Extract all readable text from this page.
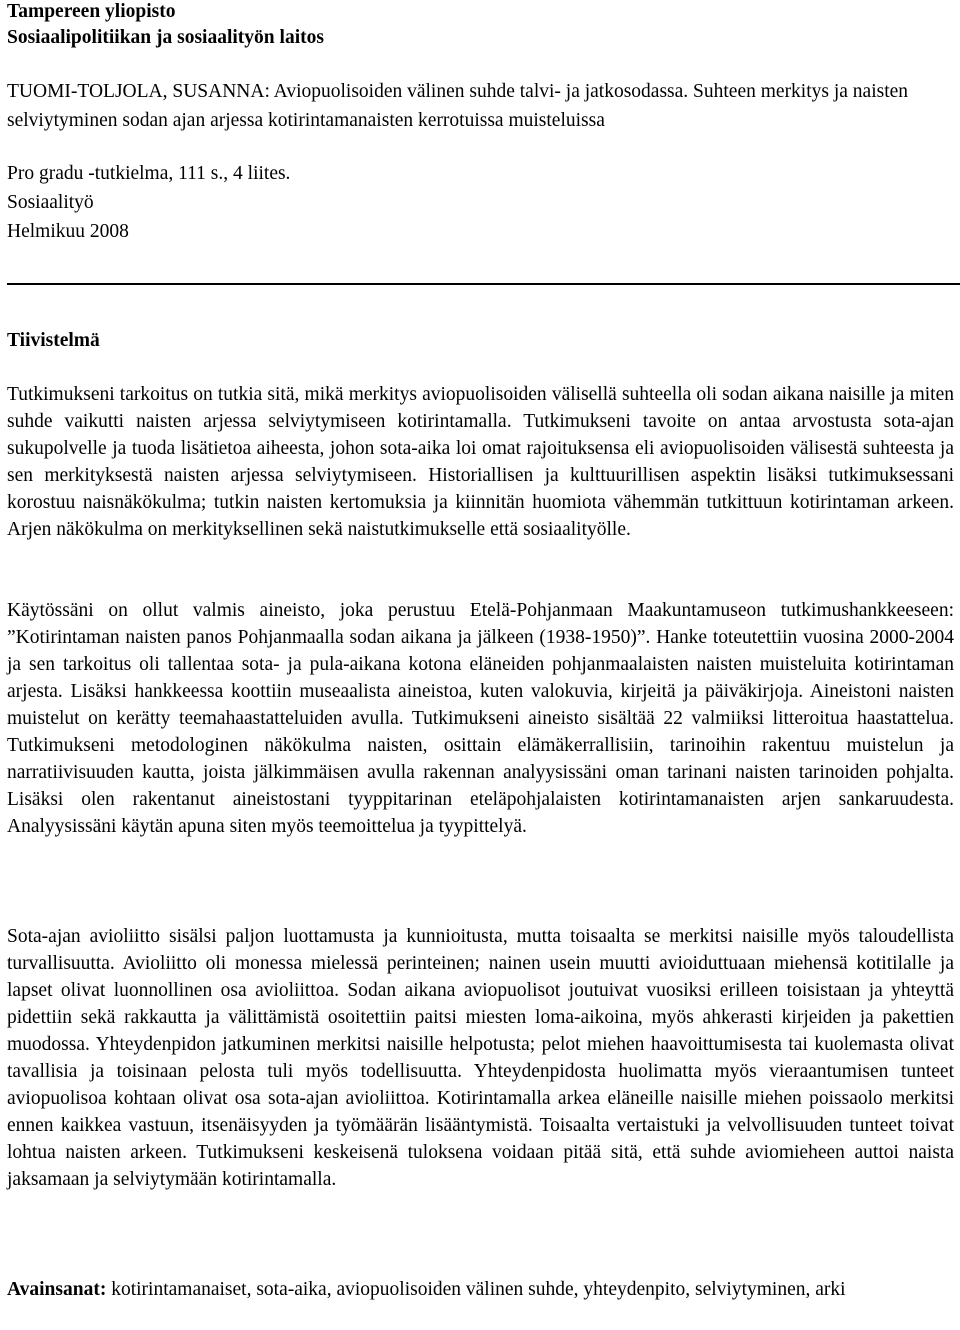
Tampereen yliopisto
Sosiaalipolitiikan ja sosiaalityön laitos
TUOMI-TOLJOLA, SUSANNA: Aviopuolisoiden välinen suhde talvi- ja jatkosodassa. Suhteen merkitys ja naisten selviytyminen sodan ajan arjessa kotirintamanaisten kerrotuissa muisteluissa
Pro gradu -tutkielma, 111 s., 4 liites.
Sosiaalityö
Helmikuu 2008
Tiivistelmä
Tutkimukseni tarkoitus on tutkia sitä, mikä merkitys aviopuolisoiden välisellä suhteella oli sodan aikana naisille ja miten suhde vaikutti naisten arjessa selviytymiseen kotirintamalla. Tutkimukseni tavoite on antaa arvostusta sota-ajan sukupolvelle ja tuoda lisätietoa aiheesta, johon sota-aika loi omat rajoituksensa eli aviopuolisoiden välisestä suhteesta ja sen merkityksestä naisten arjessa selviytymiseen. Historiallisen ja kulttuurillisen aspektin lisäksi tutkimuksessani korostuu naisnäkökulma; tutkin naisten kertomuksia ja kiinnitän huomiota vähemmän tutkittuun kotirintaman arkeen. Arjen näkökulma on merkityksellinen sekä naistutkimukselle että sosiaalityölle.
Käytössäni on ollut valmis aineisto, joka perustuu Etelä-Pohjanmaan Maakuntamuseon tutkimushankkeeseen: ”Kotirintaman naisten panos Pohjanmaalla sodan aikana ja jälkeen (1938-1950)”. Hanke toteutettiin vuosina 2000-2004 ja sen tarkoitus oli tallentaa sota- ja pula-aikana kotona eläneiden pohjanmaalaisten naisten muisteluita kotirintaman arjesta. Lisäksi hankkeessa koottiin museaalista aineistoa, kuten valokuvia, kirjeitä ja päiväkirjoja. Aineistoni naisten muistelut on kerätty teemahaastatteluiden avulla. Tutkimukseni aineisto sisältää 22 valmiiksi litteroitua haastattelua. Tutkimukseni metodologinen näkökulma naisten, osittain elämäkerrallisiin, tarinoihin rakentuu muistelun ja narratiivisuuden kautta, joista jälkimmäisen avulla rakennan analyysissäni oman tarinani naisten tarinoiden pohjalta. Lisäksi olen rakentanut aineistostani tyyppitarinan eteläpohjalaisten kotirintamanaisten arjen sankaruudesta. Analyysissäni käytän apuna siten myös teemoittelua ja tyypittelyä.
Sota-ajan avioliitto sisälsi paljon luottamusta ja kunnioitusta, mutta toisaalta se merkitsi naisille myös taloudellista turvallisuutta. Avioliitto oli monessa mielessä perinteinen; nainen usein muutti avioiduttuaan miehensä kotitilalle ja lapset olivat luonnollinen osa avioliittoa. Sodan aikana aviopuolisot joutuivat vuosiksi erilleen toisistaan ja yhteyttä pidettiin sekä rakkautta ja välittämistä osoitettiin paitsi miesten loma-aikoina, myös ahkerasti kirjeiden ja pakettien muodossa. Yhteydenpidon jatkuminen merkitsi naisille helpotusta; pelot miehen haavoittumisesta tai kuolemasta olivat tavallisia ja toisinaan pelosta tuli myös todellisuutta. Yhteydenpidosta huolimatta myös vieraantumisen tunteet aviopuolisoa kohtaan olivat osa sota-ajan avioliittoa. Kotirintamalla arkea eläneille naisille miehen poissaolo merkitsi ennen kaikkea vastuun, itsenäisyyden ja työmäärän lisääntymistä. Toisaalta vertaistuki ja velvollisuuden tunteet toivat lohtua naisten arkeen. Tutkimukseni keskeisenä tuloksena voidaan pitää sitä, että suhde aviomieheen auttoi naista jaksamaan ja selviytymään kotirintamalla.
Avainsanat: kotirintamanaiset, sota-aika, aviopuolisoiden välinen suhde, yhteydenpito, selviytyminen, arki
